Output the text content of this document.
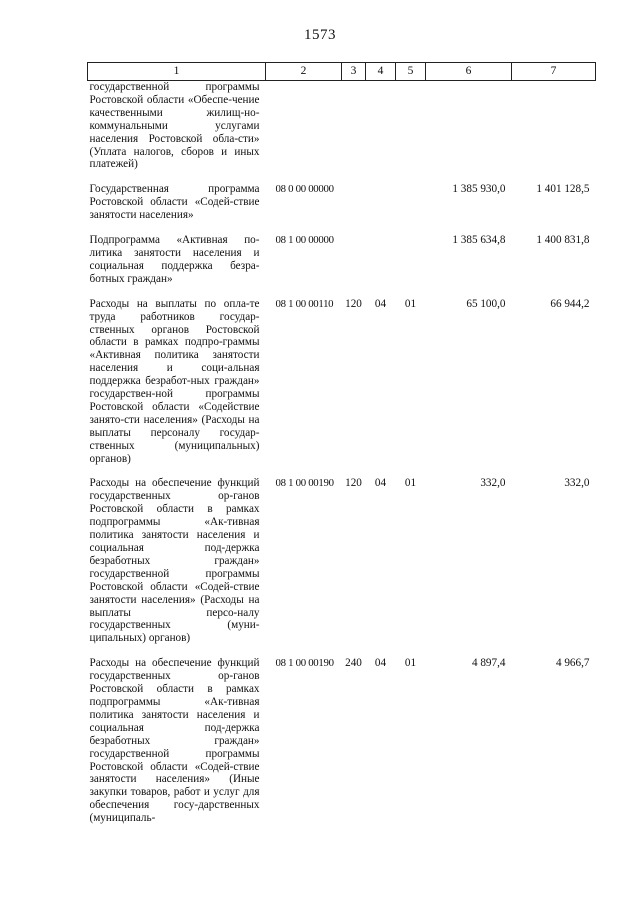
1573
1	2	3	4	5	6	7
государственной программы Ростовской области «Обеспе-чение качественными жилищ-но-коммунальными услугами населения Ростовской обла-сти» (Уплата налогов, сборов и иных платежей)						

Государственная программа Ростовской области «Содей-ствие занятости населения»	08 0 00 00000				1 385 930,0	1 401 128,5

Подпрограмма «Активная по-литика занятости населения и социальная поддержка безра-ботных граждан»	08 1 00 00000				1 385 634,8	1 400 831,8

Расходы на выплаты по опла-те труда работников государ-ственных органов Ростовской области в рамках подпро-граммы «Активная политика занятости населения и соци-альная поддержка безработ-ных граждан» государствен-ной программы Ростовской области «Содействие занято-сти населения» (Расходы на выплаты персоналу государ-ственных (муниципальных) органов)	08 1 00 00110	120	04	01	65 100,0	66 944,2

Расходы на обеспечение функций государственных ор-ганов Ростовской области в рамках подпрограммы «Ак-тивная политика занятости населения и социальная под-держка безработных граждан» государственной программы Ростовской области «Содей-ствие занятости населения» (Расходы на выплаты персо-налу государственных (муни-ципальных) органов)	08 1 00 00190	120	04	01	332,0	332,0

Расходы на обеспечение функций государственных ор-ганов Ростовской области в рамках подпрограммы «Ак-тивная политика занятости населения и социальная под-держка безработных граждан» государственной программы Ростовской области «Содей-ствие занятости населения» (Иные закупки товаров, работ и услуг для обеспечения госу-дарственных (муниципаль-	08 1 00 00190	240	04	01	4 897,4	4 966,7
